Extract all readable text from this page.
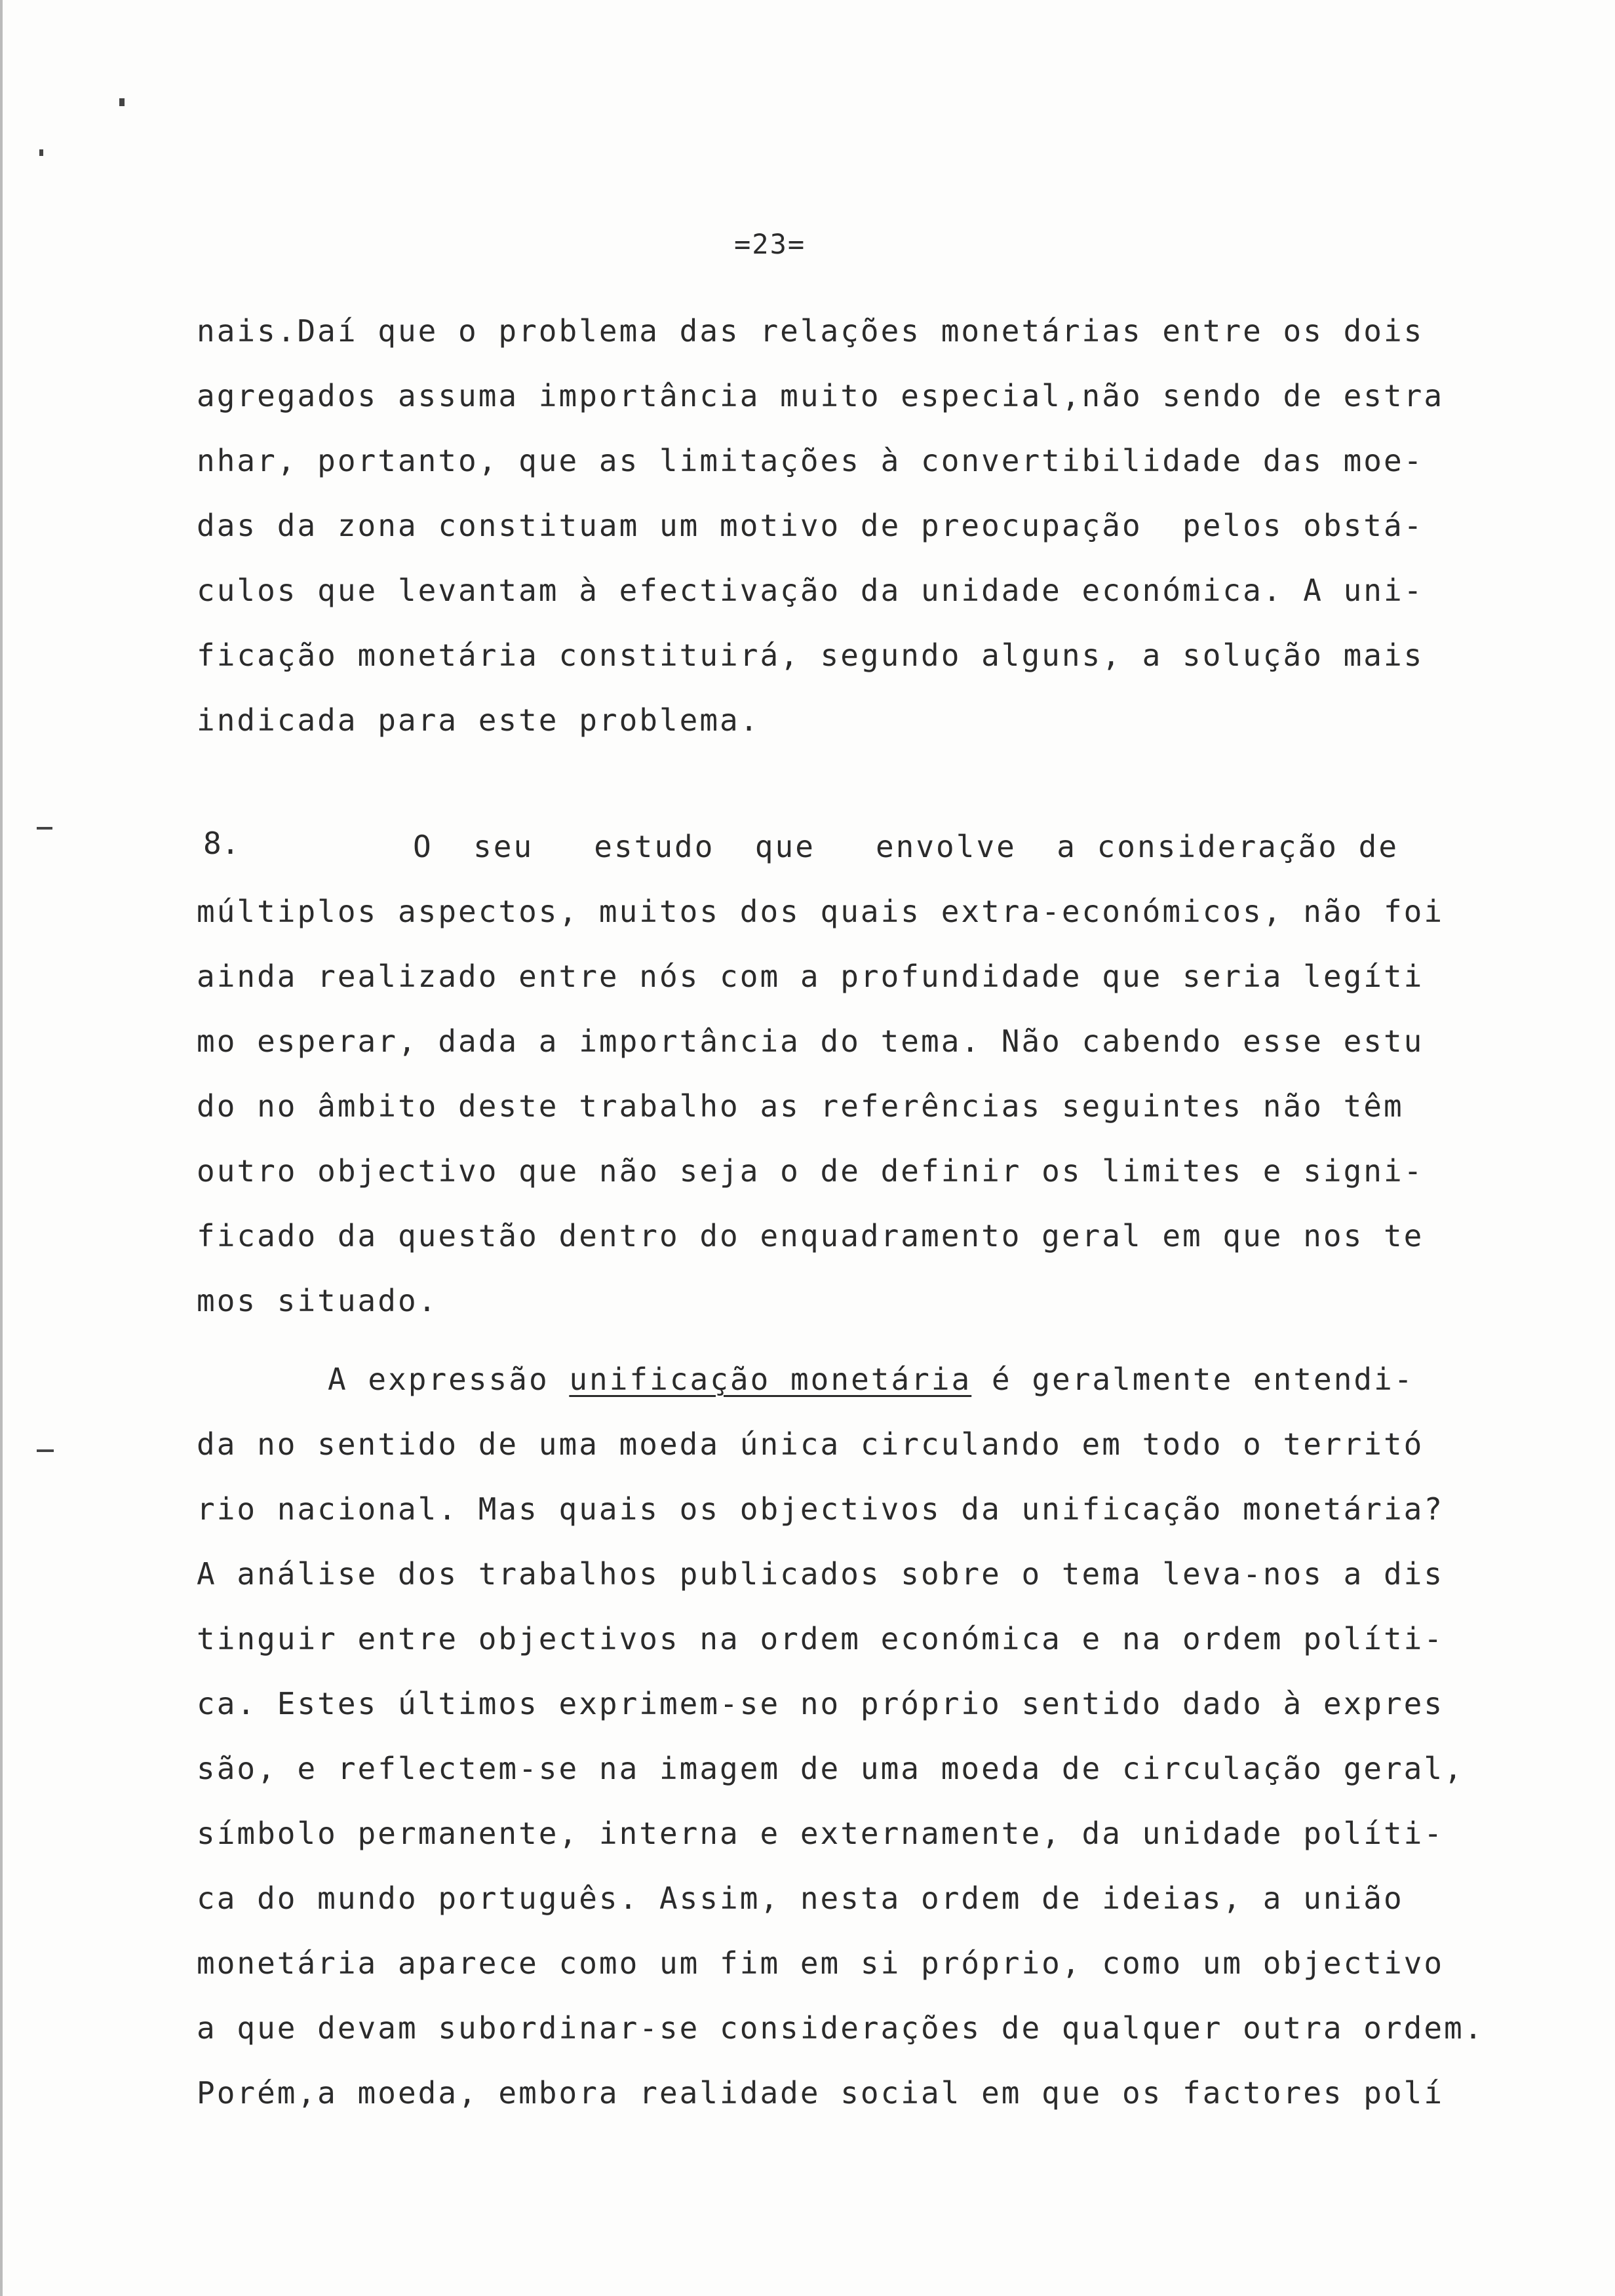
=23=
nais.Daí que o problema das relações monetárias entre os dois
agregados assuma importância muito especial,não sendo de estra
nhar, portanto, que as limitações à convertibilidade das moe-
das da zona constituam um motivo de preocupação  pelos obstá-
culos que levantam à efectivação da unidade económica. A uni-
ficação monetária constituirá, segundo alguns, a solução mais
indicada para este problema.
8.	O  seu   estudo  que   envolve  a consideração de
múltiplos aspectos, muitos dos quais extra-económicos, não foi
ainda realizado entre nós com a profundidade que seria legíti
mo esperar, dada a importância do tema. Não cabendo esse estu
do no âmbito deste trabalho as referências seguintes não têm
outro objectivo que não seja o de definir os limites e signi-
ficado da questão dentro do enquadramento geral em que nos te
mos situado.
A expressão unificação monetária é geralmente entendi-
da no sentido de uma moeda única circulando em todo o territó
rio nacional. Mas quais os objectivos da unificação monetária?
A análise dos trabalhos publicados sobre o tema leva-nos a dis
tinguir entre objectivos na ordem económica e na ordem políti-
ca. Estes últimos exprimem-se no próprio sentido dado à expres
são, e reflectem-se na imagem de uma moeda de circulação geral,
símbolo permanente, interna e externamente, da unidade políti-
ca do mundo português. Assim, nesta ordem de ideias, a união
monetária aparece como um fim em si próprio, como um objectivo
a que devam subordinar-se considerações de qualquer outra ordem.
Porém,a moeda, embora realidade social em que os factores polí
